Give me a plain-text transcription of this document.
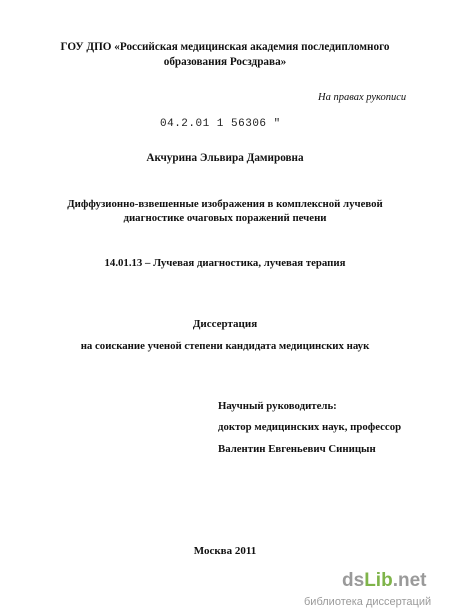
ГОУ ДПО «Российская медицинская академия последипломного
образования Росздрава»
На правах рукописи
04.2.01 1 56306 "
Акчурина Эльвира Дамировна
Диффузионно-взвешенные изображения в комплексной лучевой
диагностике очаговых поражений печени
14.01.13 – Лучевая диагностика, лучевая терапия
Диссертация
на соискание ученой степени кандидата медицинских наук
Научный руководитель:
доктор медицинских наук, профессор
Валентин Евгеньевич Синицын
Москва 2011
dsLib.net
библиотека диссертаций
